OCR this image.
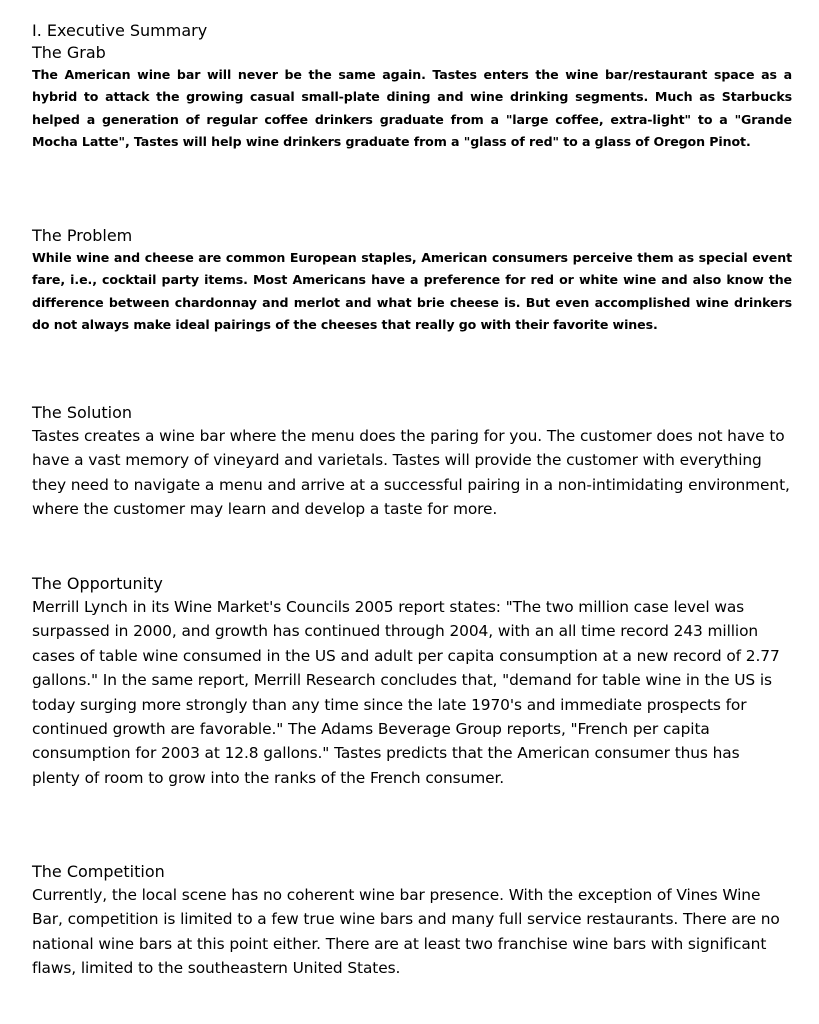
I. Executive Summary
The Grab

The American wine bar will never be the same again. Tastes enters the wine bar/restaurant space as a hybrid to attack the growing casual small-plate dining and wine drinking segments. Much as Starbucks helped a generation of regular coffee drinkers graduate from a "large coffee, extra-light" to a "Grande Mocha Latte", Tastes will help wine drinkers graduate from a "glass of red" to a glass of Oregon Pinot.

The Problem

While wine and cheese are common European staples, American consumers perceive them as special event fare, i.e., cocktail party items. Most Americans have a preference for red or white wine and also know the difference between chardonnay and merlot and what brie cheese is. But even accomplished wine drinkers do not always make ideal pairings of the cheeses that really go with their favorite wines.

The Solution

Tastes creates a wine bar where the menu does the paring for you. The customer does not have to have a vast memory of vineyard and varietals. Tastes will provide the customer with everything they need to navigate a menu and arrive at a successful pairing in a non-intimidating environment, where the customer may learn and develop a taste for more.

The Opportunity

Merrill Lynch in its Wine Market's Councils 2005 report states: "The two million case level was surpassed in 2000, and growth has continued through 2004, with an all time record 243 million cases of table wine consumed in the US and adult per capita consumption at a new record of 2.77 gallons." In the same report, Merrill Research concludes that, "demand for table wine in the US is today surging more strongly than any time since the late 1970's and immediate prospects for continued growth are favorable." The Adams Beverage Group reports, "French per capita consumption for 2003 at 12.8 gallons." Tastes predicts that the American consumer thus has plenty of room to grow into the ranks of the French consumer.

The Competition

Currently, the local scene has no coherent wine bar presence. With the exception of Vines Wine Bar, competition is limited to a few true wine bars and many full service restaurants. There are no national wine bars at this point either. There are at least two franchise wine bars with significant flaws, limited to the southeastern United States.
